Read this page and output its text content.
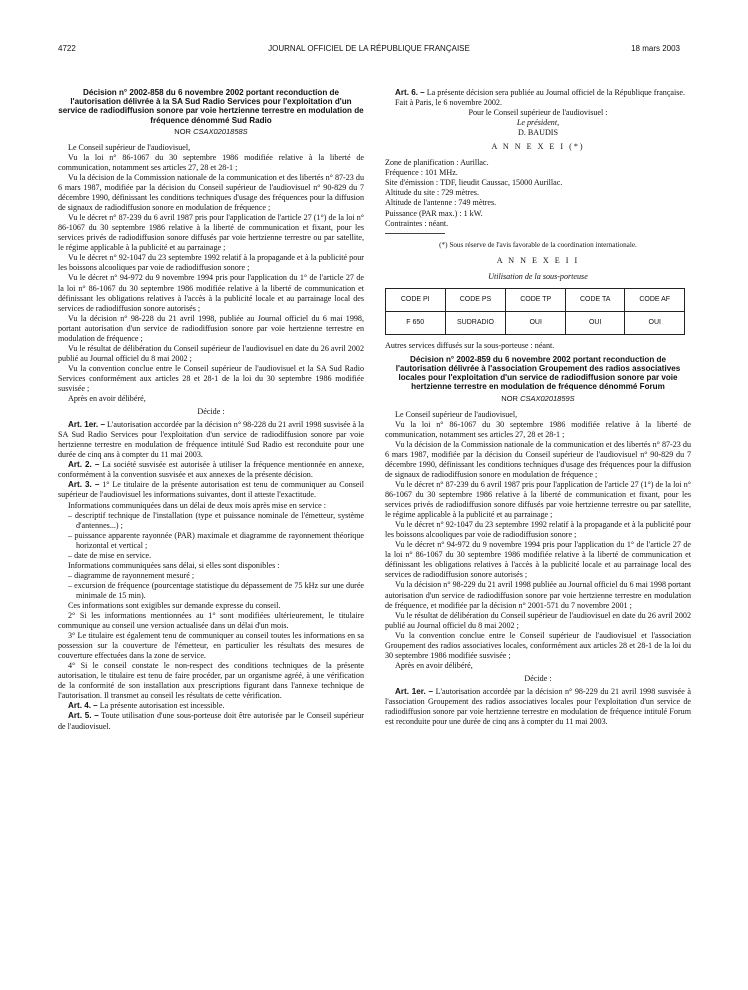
4722	JOURNAL OFFICIEL DE LA RÉPUBLIQUE FRANÇAISE	18 mars 2003

Décision n° 2002-858 du 6 novembre 2002 portant reconduction de l'autorisation délivrée à la SA Sud Radio Services pour l'exploitation d'un service de radiodiffusion sonore par voie hertzienne terrestre en modulation de fréquence dénommé Sud Radio

NOR CSAX0201858S

Le Conseil supérieur de l'audiovisuel,

Vu la loi n° 86-1067 du 30 septembre 1986 modifiée relative à la liberté de communication, notamment ses articles 27, 28 et 28-1 ;

Vu la décision de la Commission nationale de la communication et des libertés n° 87-23 du 6 mars 1987, modifiée par la décision du Conseil supérieur de l'audiovisuel n° 90-829 du 7 décembre 1990, définissant les conditions techniques d'usage des fréquences pour la diffusion de signaux de radiodiffusion sonore en modulation de fréquence ;

Vu le décret n° 87-239 du 6 avril 1987 pris pour l'application de l'article 27 (1°) de la loi n° 86-1067 du 30 septembre 1986 relative à la liberté de communication et fixant, pour les services privés de radiodiffusion sonore diffusés par voie hertzienne terrestre ou par satellite, le régime applicable à la publicité et au parrainage ;

Vu le décret n° 92-1047 du 23 septembre 1992 relatif à la propagande et à la publicité pour les boissons alcooliques par voie de radiodiffusion sonore ;

Vu le décret n° 94-972 du 9 novembre 1994 pris pour l'application du 1° de l'article 27 de la loi n° 86-1067 du 30 septembre 1986 modifiée relative à la liberté de communication et définissant les obligations relatives à l'accès à la publicité locale et au parrainage local des services de radiodiffusion sonore autorisés ;

Vu la décision n° 98-228 du 21 avril 1998, publiée au Journal officiel du 6 mai 1998, portant autorisation d'un service de radiodiffusion sonore par voie hertzienne terrestre en modulation de fréquence ;

Vu le résultat de délibération du Conseil supérieur de l'audiovisuel en date du 26 avril 2002 publié au Journal officiel du 8 mai 2002 ;

Vu la convention conclue entre le Conseil supérieur de l'audiovisuel et la SA Sud Radio Services conformément aux articles 28 et 28-1 de la loi du 30 septembre 1986 modifiée susvisée ;

Après en avoir délibéré,

Décide :

Art. 1er. – L'autorisation accordée par la décision n° 98-228 du 21 avril 1998 susvisée à la SA Sud Radio Services pour l'exploitation d'un service de radiodiffusion sonore par voie hertzienne terrestre en modulation de fréquence intitulé Sud Radio est reconduite pour une durée de cinq ans à compter du 11 mai 2003.

Art. 2. – La société susvisée est autorisée à utiliser la fréquence mentionnée en annexe, conformément à la convention susvisée et aux annexes de la présente décision.

Art. 3. – 1° Le titulaire de la présente autorisation est tenu de communiquer au Conseil supérieur de l'audiovisuel les informations suivantes, dont il atteste l'exactitude.

Informations communiquées dans un délai de deux mois après mise en service :

– descriptif technique de l'installation (type et puissance nominale de l'émetteur, système d'antennes...) ;

– puissance apparente rayonnée (PAR) maximale et diagramme de rayonnement théorique horizontal et vertical ;

– date de mise en service.

Informations communiquées sans délai, si elles sont disponibles :

– diagramme de rayonnement mesuré ;

– excursion de fréquence (pourcentage statistique du dépassement de 75 kHz sur une durée minimale de 15 min).

Ces informations sont exigibles sur demande expresse du conseil.

2° Si les informations mentionnées au 1° sont modifiées ultérieurement, le titulaire communique au conseil une version actualisée dans un délai d'un mois.

3° Le titulaire est également tenu de communiquer au conseil toutes les informations en sa possession sur la couverture de l'émetteur, en particulier les résultats des mesures de couverture effectuées dans la zone de service.

4° Si le conseil constate le non-respect des conditions techniques de la présente autorisation, le titulaire est tenu de faire procéder, par un organisme agréé, à une vérification de la conformité de son installation aux prescriptions figurant dans l'annexe technique de l'autorisation. Il transmet au conseil les résultats de cette vérification.

Art. 4. – La présente autorisation est incessible.

Art. 5. – Toute utilisation d'une sous-porteuse doit être autorisée par le Conseil supérieur de l'audiovisuel.

Art. 6. – La présente décision sera publiée au Journal officiel de la République française.

Fait à Paris, le 6 novembre 2002.

Pour le Conseil supérieur de l'audiovisuel :

Le président,

D. BAUDIS

A N N E X E I (*)

Zone de planification : Aurillac.

Fréquence : 101 MHz.

Site d'émission : TDF, lieudit Caussac, 15000 Aurillac.

Altitude du site : 729 mètres.

Altitude de l'antenne : 749 mètres.

Puissance (PAR max.) : 1 kW.

Contraintes : néant.

(*) Sous réserve de l'avis favorable de la coordination internationale.

A N N E X E I I

Utilisation de la sous-porteuse

CODE PI	CODE PS	CODE TP	CODE TA	CODE AF
F 650	SUDRADIO	OUI	OUI	OUI

Autres services diffusés sur la sous-porteuse : néant.

Décision n° 2002-859 du 6 novembre 2002 portant reconduction de l'autorisation délivrée à l'association Groupement des radios associatives locales pour l'exploitation d'un service de radiodiffusion sonore par voie hertzienne terrestre en modulation de fréquence dénommé Forum

NOR CSAX0201859S

Le Conseil supérieur de l'audiovisuel,

Vu la loi n° 86-1067 du 30 septembre 1986 modifiée relative à la liberté de communication, notamment ses articles 27, 28 et 28-1 ;

Vu la décision de la Commission nationale de la communication et des libertés n° 87-23 du 6 mars 1987, modifiée par la décision du Conseil supérieur de l'audiovisuel n° 90-829 du 7 décembre 1990, définissant les conditions techniques d'usage des fréquences pour la diffusion de signaux de radiodiffusion sonore en modulation de fréquence ;

Vu le décret n° 87-239 du 6 avril 1987 pris pour l'application de l'article 27 (1°) de la loi n° 86-1067 du 30 septembre 1986 relative à la liberté de communication et fixant, pour les services privés de radiodiffusion sonore diffusés par voie hertzienne terrestre ou par satellite, le régime applicable à la publicité et au parrainage ;

Vu le décret n° 92-1047 du 23 septembre 1992 relatif à la propagande et à la publicité pour les boissons alcooliques par voie de radiodiffusion sonore ;

Vu le décret n° 94-972 du 9 novembre 1994 pris pour l'application du 1° de l'article 27 de la loi n° 86-1067 du 30 septembre 1986 modifiée relative à la liberté de communication et définissant les obligations relatives à l'accès à la publicité locale et au parrainage local des services de radiodiffusion sonore autorisés ;

Vu la décision n° 98-229 du 21 avril 1998 publiée au Journal officiel du 6 mai 1998 portant autorisation d'un service de radiodiffusion sonore par voie hertzienne terrestre en modulation de fréquence, et modifiée par la décision n° 2001-571 du 7 novembre 2001 ;

Vu le résultat de délibération du Conseil supérieur de l'audiovisuel en date du 26 avril 2002 publié au Journal officiel du 8 mai 2002 ;

Vu la convention conclue entre le Conseil supérieur de l'audiovisuel et l'association Groupement des radios associatives locales, conformément aux articles 28 et 28-1 de la loi du 30 septembre 1986 modifiée susvisée ;

Après en avoir délibéré,

Décide :

Art. 1er. – L'autorisation accordée par la décision n° 98-229 du 21 avril 1998 susvisée à l'association Groupement des radios associatives locales pour l'exploitation d'un service de radiodiffusion sonore par voie hertzienne terrestre en modulation de fréquence intitulé Forum est reconduite pour une durée de cinq ans à compter du 11 mai 2003.
